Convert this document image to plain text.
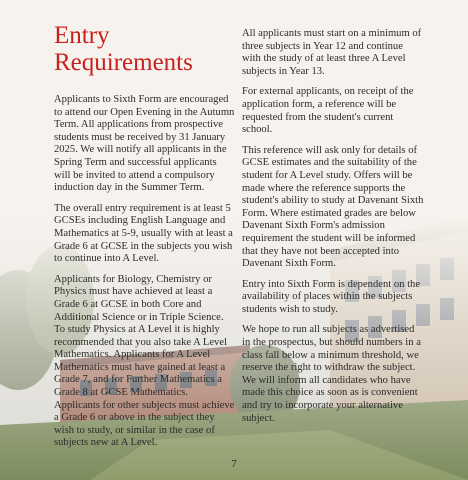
Entry
Requirements

Applicants to Sixth Form are encouraged to attend our Open Evening in the Autumn Term. All applications from prospective students must be received by 31 January 2025. We will notify all applicants in the Spring Term and successful applicants will be invited to attend a compulsory induction day in the Summer Term.

The overall entry requirement is at least 5 GCSEs including English Language and Mathematics at 5-9, usually with at least a Grade 6 at GCSE in the subjects you wish to continue into A Level.

Applicants for Biology, Chemistry or Physics must have achieved at least a Grade 6 at GCSE in both Core and Additional Science or in Triple Science. To study Physics at A Level it is highly recommended that you also take A Level Mathematics. Applicants for A Level Mathematics must have gained at least a Grade 7, and for Further Mathematics a Grade 8 at GCSE Mathematics. Applicants for other subjects must achieve a Grade 6 or above in the subject they wish to study, or similar in the case of subjects new at A Level.

All applicants must start on a minimum of three subjects in Year 12 and continue with the study of at least three A Level subjects in Year 13.

For external applicants, on receipt of the application form, a reference will be requested from the student's current school.

This reference will ask only for details of GCSE estimates and the suitability of the student for A Level study. Offers will be made where the reference supports the student's ability to study at Davenant Sixth Form. Where estimated grades are below Davenant Sixth Form's admission requirement the student will be informed that they have not been accepted into Davenant Sixth Form.

Entry into Sixth Form is dependent on the availability of places within the subjects students wish to study.

We hope to run all subjects as advertised in the prospectus, but should numbers in a class fall below a minimum threshold, we reserve the right to withdraw the subject. We will inform all candidates who have made this choice as soon as is convenient and try to incorporate your alternative subject.

7
